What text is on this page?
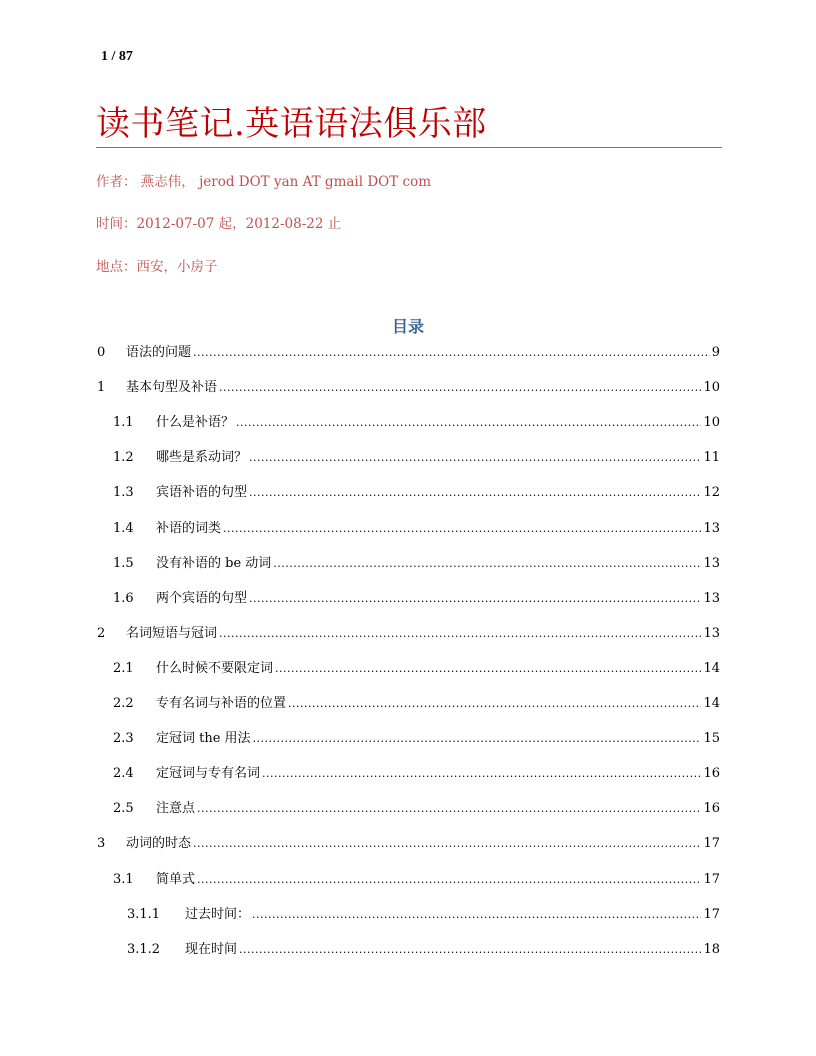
1 / 87
读书笔记.英语语法俱乐部
作者： 燕志伟， jerod DOT yan AT gmail DOT com
时间：2012-07-07 起，2012-08-22 止
地点：西安，小房子
目录
0	语法的问题 .....	9
1	基本句型及补语 .....	10
1.1	什么是补语？ .....	10
1.2	哪些是系动词？ .....	11
1.3	宾语补语的句型 .....	12
1.4	补语的词类 .....	13
1.5	没有补语的 be 动词 .....	13
1.6	两个宾语的句型 .....	13
2	名词短语与冠词 .....	13
2.1	什么时候不要限定词 .....	14
2.2	专有名词与补语的位置 .....	14
2.3	定冠词 the 用法 .....	15
2.4	定冠词与专有名词 .....	16
2.5	注意点 .....	16
3	动词的时态 .....	17
3.1	简单式 .....	17
3.1.1	过去时间： .....	17
3.1.2	现在时间 .....	18
